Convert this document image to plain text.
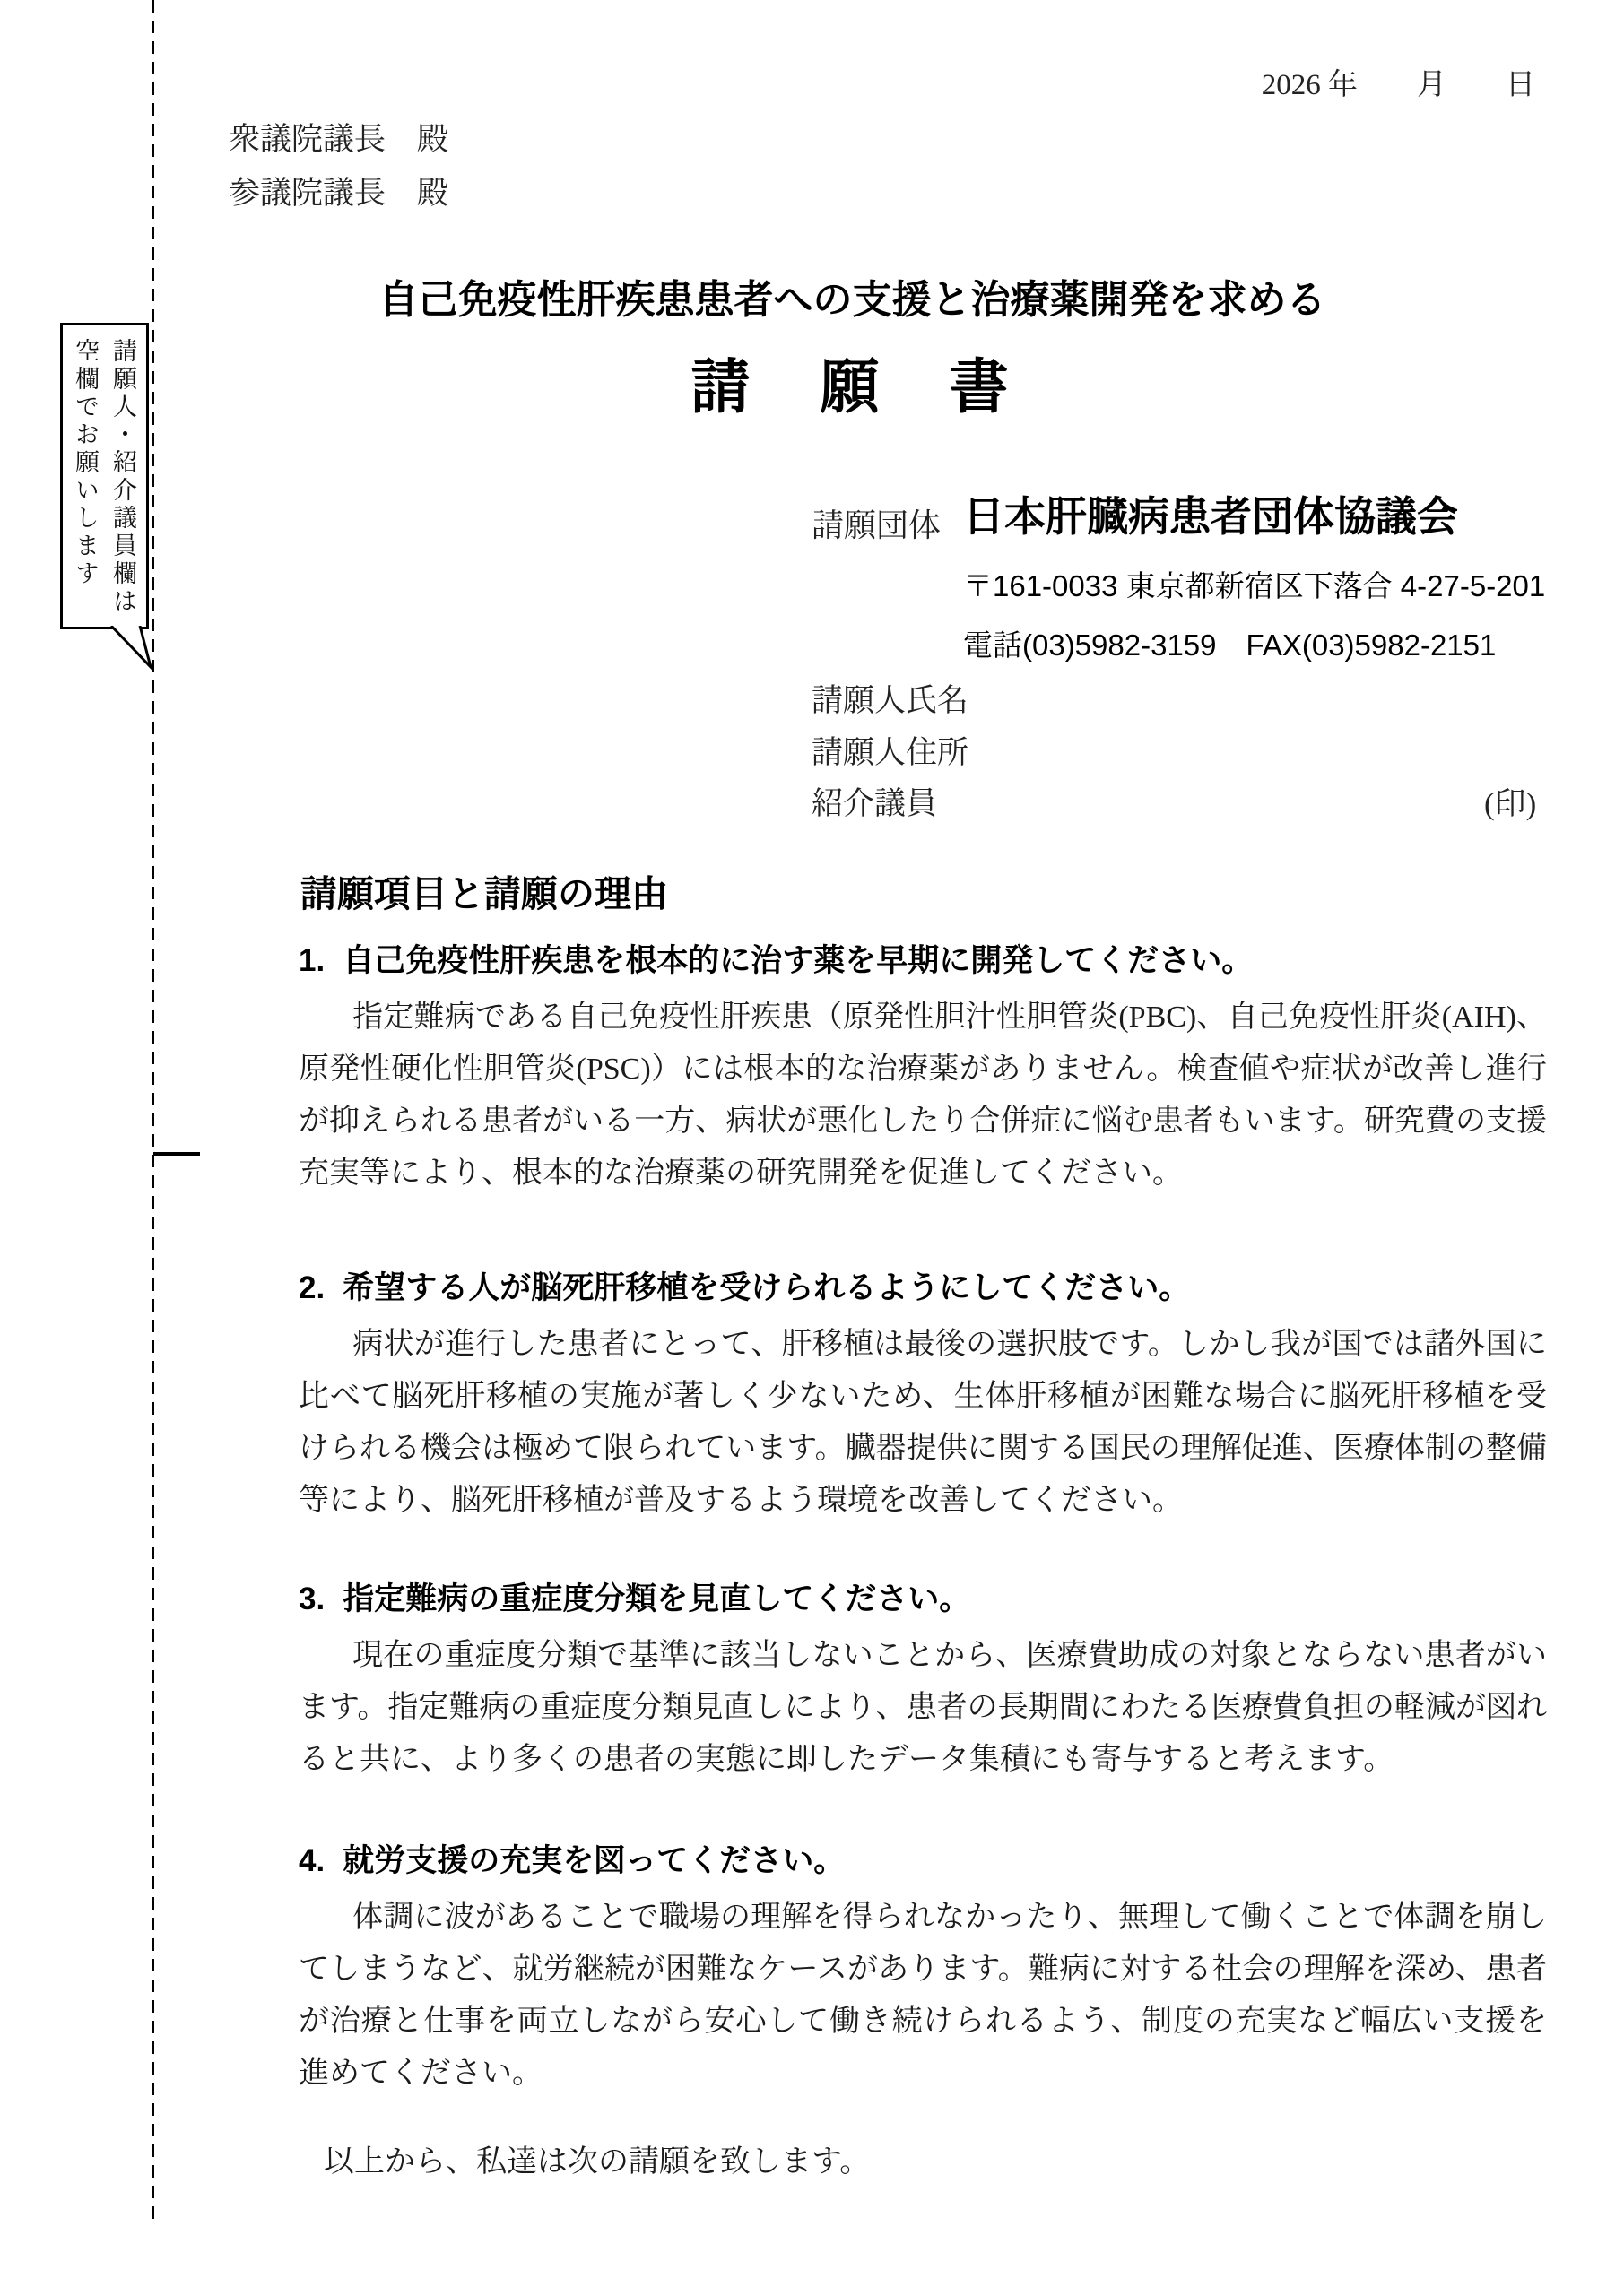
請願人・紹介議員欄は
空欄でお願いします
2026 年　　月　　日
衆議院議長　殿
参議院議長　殿
自己免疫性肝疾患患者への支援と治療薬開発を求める
請　願　書
請願団体 日本肝臓病患者団体協議会
〒161-0033 東京都新宿区下落合 4-27-5-201
電話(03)5982-3159　FAX(03)5982-2151
請願人氏名
請願人住所
紹介議員	(印)
請願項目と請願の理由
1. 自己免疫性肝疾患を根本的に治す薬を早期に開発してください。

　指定難病である自己免疫性肝疾患（原発性胆汁性胆管炎(PBC)、自己免疫性肝炎(AIH)、原発性硬化性胆管炎(PSC)）には根本的な治療薬がありません。検査値や症状が改善し進行が抑えられる患者がいる一方、病状が悪化したり合併症に悩む患者もいます。研究費の支援充実等により、根本的な治療薬の研究開発を促進してください。

2. 希望する人が脳死肝移植を受けられるようにしてください。

　病状が進行した患者にとって、肝移植は最後の選択肢です。しかし我が国では諸外国に比べて脳死肝移植の実施が著しく少ないため、生体肝移植が困難な場合に脳死肝移植を受けられる機会は極めて限られています。臓器提供に関する国民の理解促進、医療体制の整備等により、脳死肝移植が普及するよう環境を改善してください。

3. 指定難病の重症度分類を見直してください。

　現在の重症度分類で基準に該当しないことから、医療費助成の対象とならない患者がいます。指定難病の重症度分類見直しにより、患者の長期間にわたる医療費負担の軽減が図れると共に、より多くの患者の実態に即したデータ集積にも寄与すると考えます。

4. 就労支援の充実を図ってください。

　体調に波があることで職場の理解を得られなかったり、無理して働くことで体調を崩してしまうなど、就労継続が困難なケースがあります。難病に対する社会の理解を深め、患者が治療と仕事を両立しながら安心して働き続けられるよう、制度の充実など幅広い支援を進めてください。

以上から、私達は次の請願を致します。
